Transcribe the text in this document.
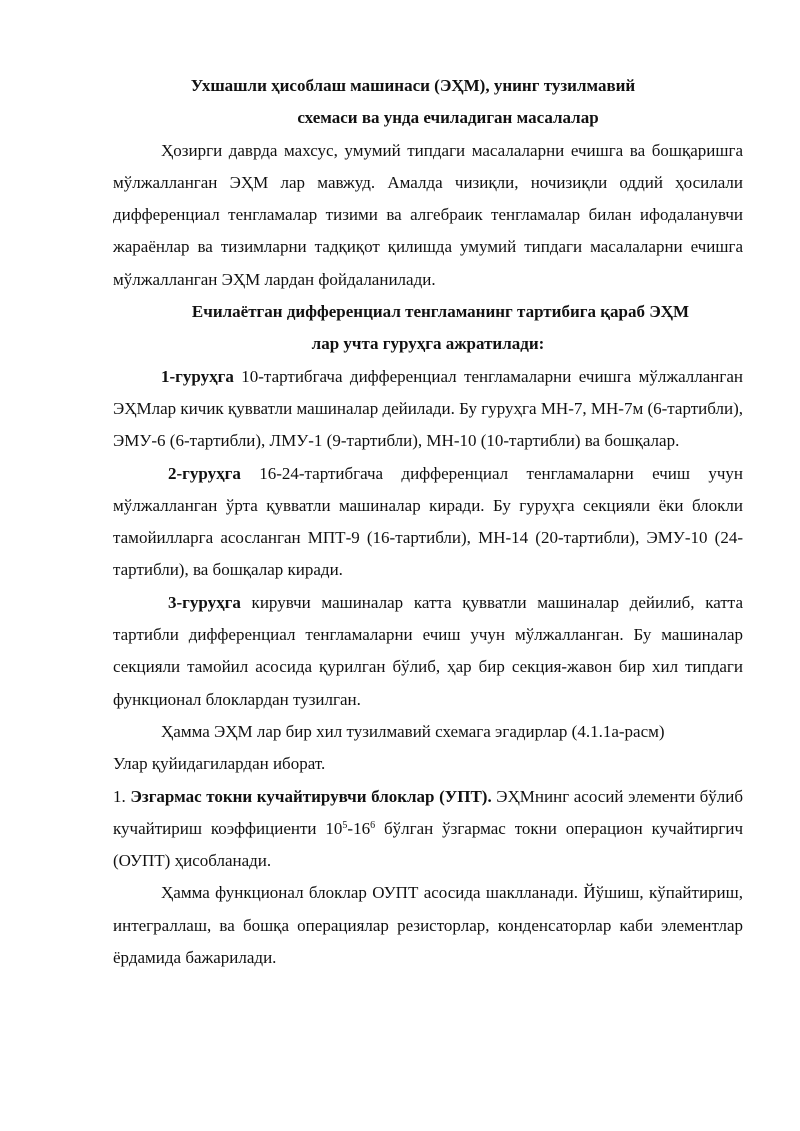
Ухшашли ҳисоблаш машинаси (ЭҲМ), унинг тузилмавий
схемаси ва унда ечиладиган масалалар

Ҳозирги даврда махсус, умумий типдаги масалаларни ечишга ва бошқаришга мўлжалланган ЭҲМ лар мавжуд. Амалда чизиқли, ночизиқли оддий ҳосилали дифференциал тенгламалар тизими ва алгебраик тенгламалар билан ифодаланувчи жараёнлар ва тизимларни тадқиқот қилишда умумий типдаги масалаларни ечишга мўлжалланган ЭҲМ лардан фойдаланилади.

Ечилаётган дифференциал тенгламанинг тартибига қараб ЭҲМ
лар учта гуруҳга ажратилади:

1-гуруҳга 10-тартибгача дифференциал тенгламаларни ечишга мўлжалланган ЭҲМлар кичик қувватли машиналар дейилади. Бу гуруҳга МН-7, МН-7м (6-тартибли), ЭМУ-6 (6-тартибли), ЛМУ-1 (9-тартибли), МН-10 (10-тартибли) ва бошқалар.

2-гуруҳга 16-24-тартибгача дифференциал тенгламаларни ечиш учун мўлжалланган ўрта қувватли машиналар киради. Бу гуруҳга секцияли ёки блокли тамойилларга асосланган МПТ-9 (16-тартибли), МН-14 (20-тартибли), ЭМУ-10 (24-тартибли), ва бошқалар киради.

3-гуруҳга кирувчи машиналар катта қувватли машиналар дейилиб, катта тартибли дифференциал тенгламаларни ечиш учун мўлжалланган. Бу машиналар секцияли тамойил асосида қурилган бўлиб, ҳар бир секция-жавон бир хил типдаги функционал блоклардан тузилган.

Ҳамма ЭҲМ лар бир хил тузилмавий схемага эгадирлар (4.1.1а-расм)

Улар қуйидагилардан иборат.

1. Эзгармас токни кучайтирувчи блоклар (УПТ). ЭҲМнинг асосий элементи бўлиб кучайтириш коэффициенти $10^5-16^6$ бўлган ўзгармас токни операцион кучайтиргич (ОУПТ) ҳисобланади.

Ҳамма функционал блоклар ОУПТ асосида шаклланади. Йўшиш, кўпайтириш, интеграллаш, ва бошқа операциялар резисторлар, конденсаторлар каби элементлар ёрдамида бажарилади.
